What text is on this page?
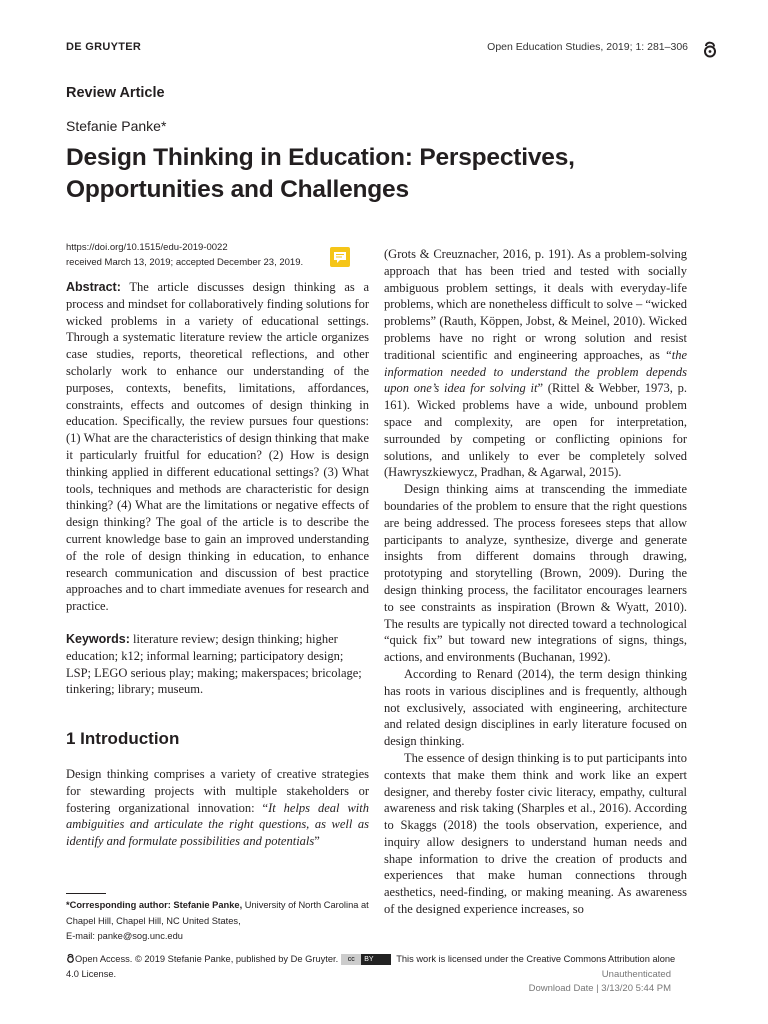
DE GRUYTER	Open Education Studies, 2019; 1: 281–306
Review Article
Stefanie Panke*
Design Thinking in Education: Perspectives,
Opportunities and Challenges
https://doi.org/10.1515/edu-2019-0022
received March 13, 2019; accepted December 23, 2019.

Abstract: The article discusses design thinking as a process and mindset for collaboratively finding solutions for wicked problems in a variety of educational settings. Through a systematic literature review the article organizes case studies, reports, theoretical reflections, and other scholarly work to enhance our understanding of the purposes, contexts, benefits, limitations, affordances, constraints, effects and outcomes of design thinking in education. Specifically, the review pursues four questions: (1) What are the characteristics of design thinking that make it particularly fruitful for education? (2) How is design thinking applied in different educational settings? (3) What tools, techniques and methods are characteristic for design thinking? (4) What are the limitations or negative effects of design thinking? The goal of the article is to describe the current knowledge base to gain an improved understanding of the role of design thinking in education, to enhance research communication and discussion of best practice approaches and to chart immediate avenues for research and practice.

Keywords: literature review; design thinking; higher education; k12; informal learning; participatory design; LSP; LEGO serious play; making; makerspaces; bricolage; tinkering; library; museum.

1 Introduction

Design thinking comprises a variety of creative strategies for stewarding projects with multiple stakeholders or fostering organizational innovation: “It helps deal with ambiguities and articulate the right questions, as well as identify and formulate possibilities and potentials”

(Grots & Creuznacher, 2016, p. 191). As a problem-solving approach that has been tried and tested with socially ambiguous problem settings, it deals with everyday-life problems, which are nonetheless difficult to solve – “wicked problems” (Rauth, Köppen, Jobst, & Meinel, 2010). Wicked problems have no right or wrong solution and resist traditional scientific and engineering approaches, as “the information needed to understand the problem depends upon one’s idea for solving it” (Rittel & Webber, 1973, p. 161). Wicked problems have a wide, unbound problem space and complexity, are open for interpretation, surrounded by competing or conflicting opinions for solutions, and unlikely to ever be completely solved (Hawryszkiewycz, Pradhan, & Agarwal, 2015).

Design thinking aims at transcending the immediate boundaries of the problem to ensure that the right questions are being addressed. The process foresees steps that allow participants to analyze, synthesize, diverge and generate insights from different domains through drawing, prototyping and storytelling (Brown, 2009). During the design thinking process, the facilitator encourages learners to see constraints as inspiration (Brown & Wyatt, 2010). The results are typically not directed toward a technological “quick fix” but toward new integrations of signs, things, actions, and environments (Buchanan, 1992).

According to Renard (2014), the term design thinking has roots in various disciplines and is frequently, although not exclusively, associated with engineering, architecture and related design disciplines in early literature focused on design thinking.

The essence of design thinking is to put participants into contexts that make them think and work like an expert designer, and thereby foster civic literacy, empathy, cultural awareness and risk taking (Sharples et al., 2016). According to Skaggs (2018) the tools observation, experience, and inquiry allow designers to understand human needs and shape information to drive the creation of products and experiences that make human connections through aesthetics, need-finding, or making meaning. As awareness of the designed experience increases, so

*Corresponding author: Stefanie Panke, University of North Carolina at Chapel Hill, Chapel Hill, NC United States,
E-mail: panke@sog.unc.edu
Open Access. © 2019 Stefanie Panke, published by De Gruyter. cc BY This work is licensed under the Creative Commons Attribution alone 4.0 License.	Unauthenticated
Download Date | 3/13/20 5:44 PM
